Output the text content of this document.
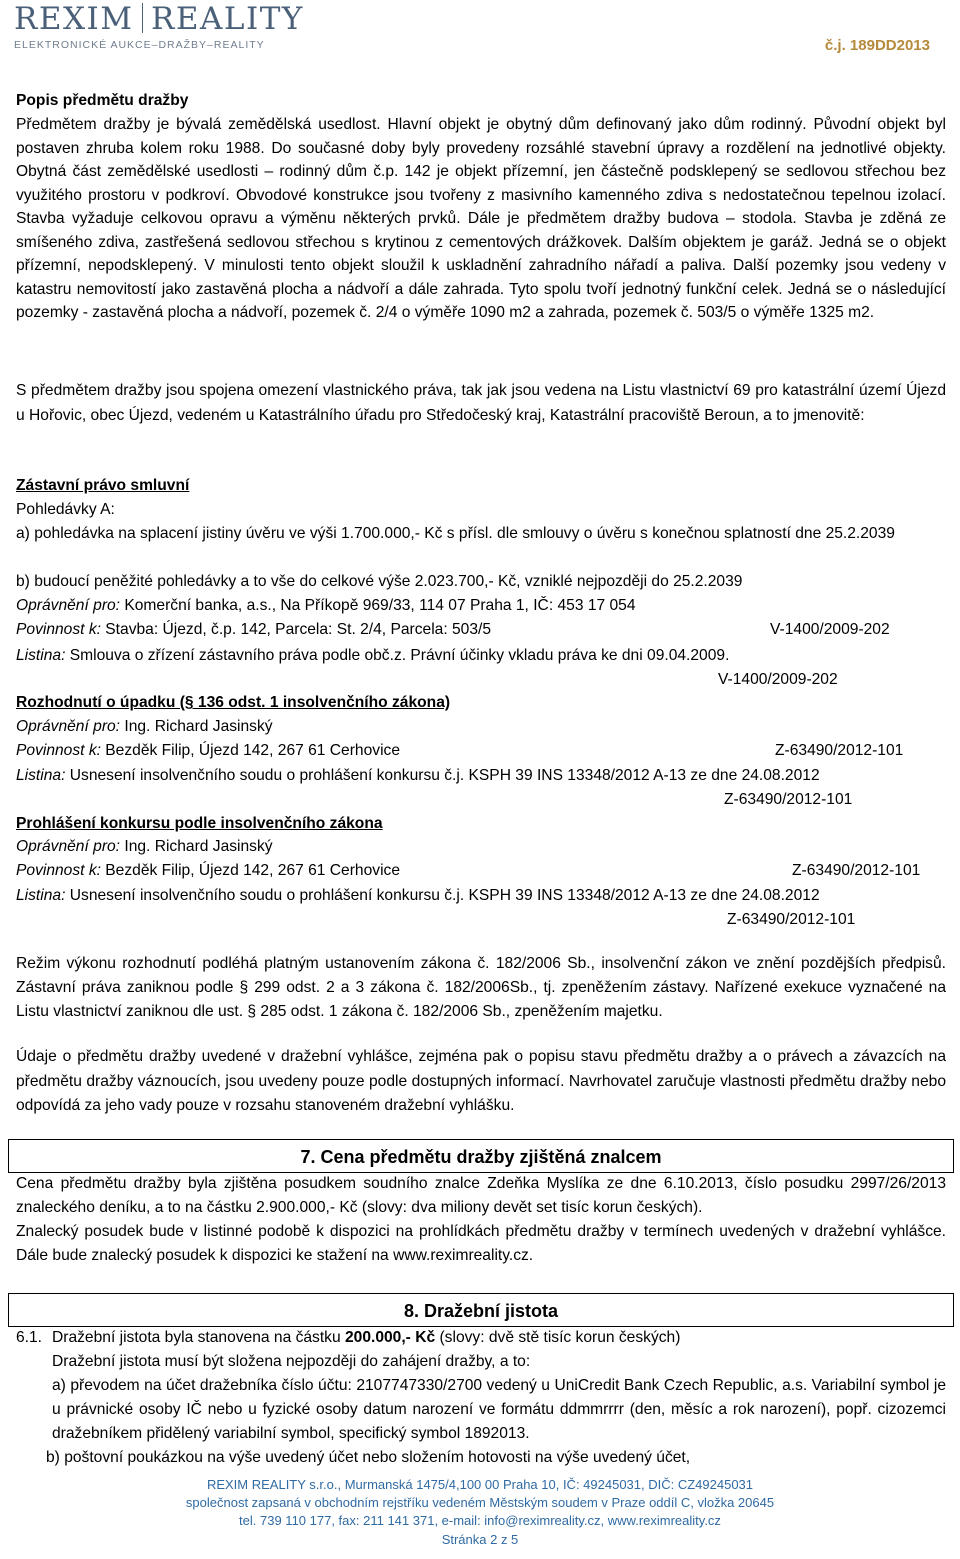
REXIM REALITY
ELEKTRONICKÉ AUKCE–DRAŽBY–REALITY	č.j. 189DD2013
Popis předmětu dražby

Předmětem dražby je bývalá zemědělská usedlost. Hlavní objekt je obytný dům definovaný jako dům rodinný. Původní objekt byl postaven zhruba kolem roku 1988. Do současné doby byly provedeny rozsáhlé stavební úpravy a rozdělení na jednotlivé objekty. Obytná část zemědělské usedlosti – rodinný dům č.p. 142 je objekt přízemní, jen částečně podsklepený se sedlovou střechou bez využitého prostoru v podkroví. Obvodové konstrukce jsou tvořeny z masivního kamenného zdiva s nedostatečnou tepelnou izolací. Stavba vyžaduje celkovou opravu a výměnu některých prvků. Dále je předmětem dražby budova – stodola. Stavba je zděná ze smíšeného zdiva, zastřešená sedlovou střechou s krytinou z cementových drážkovek. Dalším objektem je garáž. Jedná se o objekt přízemní, nepodsklepený. V minulosti tento objekt sloužil k uskladnění zahradního nářadí a paliva. Další pozemky jsou vedeny v katastru nemovitostí jako zastavěná plocha a nádvoří a dále zahrada. Tyto spolu tvoří jednotný funkční celek. Jedná se o následující pozemky - zastavěná plocha a nádvoří, pozemek č. 2/4 o výměře 1090 m2 a zahrada, pozemek č. 503/5 o výměře 1325 m2.

S předmětem dražby jsou spojena omezení vlastnického práva, tak jak jsou vedena na Listu vlastnictví 69 pro katastrální území Újezd u Hořovic, obec Újezd, vedeném u Katastrálního úřadu pro Středočeský kraj, Katastrální pracoviště Beroun, a to jmenovitě:

Zástavní právo smluvní
Pohledávky A:

a) pohledávka na splacení jistiny úvěru ve výši 1.700.000,- Kč s přísl. dle smlouvy o úvěru s konečnou splatností dne 25.2.2039

b) budoucí peněžité pohledávky a to vše do celkové výše 2.023.700,- Kč, vzniklé nejpozději do 25.2.2039
Oprávnění pro: Komerční banka, a.s., Na Příkopě 969/33, 114 07 Praha 1, IČ: 453 17 054
Povinnost k: Stavba: Újezd, č.p. 142, Parcela: St. 2/4, Parcela: 503/5	V-1400/2009-202
Listina: Smlouva o zřízení zástavního práva podle obč.z. Právní účinky vkladu práva ke dni 09.04.2009.
V-1400/2009-202
Rozhodnutí o úpadku (§ 136 odst. 1 insolvenčního zákona)
Oprávnění pro: Ing. Richard Jasinský
Povinnost k: Bezděk Filip, Újezd 142, 267 61 Cerhovice	Z-63490/2012-101
Listina: Usnesení insolvenčního soudu o prohlášení konkursu č.j. KSPH 39 INS 13348/2012 A-13 ze dne 24.08.2012
Z-63490/2012-101
Prohlášení konkursu podle insolvenčního zákona
Oprávnění pro: Ing. Richard Jasinský
Povinnost k: Bezděk Filip, Újezd 142, 267 61 Cerhovice	Z-63490/2012-101
Listina: Usnesení insolvenčního soudu o prohlášení konkursu č.j. KSPH 39 INS 13348/2012 A-13 ze dne 24.08.2012
Z-63490/2012-101

Režim výkonu rozhodnutí podléhá platným ustanovením zákona č. 182/2006 Sb., insolvenční zákon ve znění pozdějších předpisů. Zástavní práva zaniknou podle § 299 odst. 2 a 3 zákona č. 182/2006Sb., tj. zpeněžením zástavy. Nařízené exekuce vyznačené na Listu vlastnictví zaniknou dle ust. § 285 odst. 1 zákona č. 182/2006 Sb., zpeněžením majetku.

Údaje o předmětu dražby uvedené v dražební vyhlášce, zejména pak o popisu stavu předmětu dražby a o právech a závazcích na předmětu dražby váznoucích, jsou uvedeny pouze podle dostupných informací. Navrhovatel zaručuje vlastnosti předmětu dražby nebo odpovídá za jeho vady pouze v rozsahu stanoveném dražební vyhlášku.

7. Cena předmětu dražby zjištěná znalcem

Cena předmětu dražby byla zjištěna posudkem soudního znalce Zdeňka Myslíka ze dne 6.10.2013, číslo posudku 2997/26/2013 znaleckého deníku, a to na částku 2.900.000,- Kč (slovy: dva miliony devět set tisíc korun českých).

Znalecký posudek bude v listinné podobě k dispozici na prohlídkách předmětu dražby v termínech uvedených v dražební vyhlášce. Dále bude znalecký posudek k dispozici ke stažení na www.reximreality.cz.

8. Dražební jistota
6.1. Dražební jistota byla stanovena na částku 200.000,- Kč (slovy: dvě stě tisíc korun českých)
Dražební jistota musí být složena nejpozději do zahájení dražby, a to:

a) převodem na účet dražebníka číslo účtu: 2107747330/2700 vedený u UniCredit Bank Czech Republic, a.s. Variabilní symbol je u právnické osoby IČ nebo u fyzické osoby datum narození ve formátu ddmmrrrr (den, měsíc a rok narození), popř. cizozemci dražebníkem přidělený variabilní symbol, specifický symbol 1892013.

b) poštovní poukázkou na výše uvedený účet nebo složením hotovosti na výše uvedený účet,
REXIM REALITY s.r.o., Murmanská 1475/4,100 00 Praha 10, IČ: 49245031, DIČ: CZ49245031
společnost zapsaná v obchodním rejstříku vedeném Městským soudem v Praze oddíl C, vložka 20645
tel. 739 110 177, fax: 211 141 371, e-mail: info@reximreality.cz, www.reximreality.cz
Stránka 2 z 5
